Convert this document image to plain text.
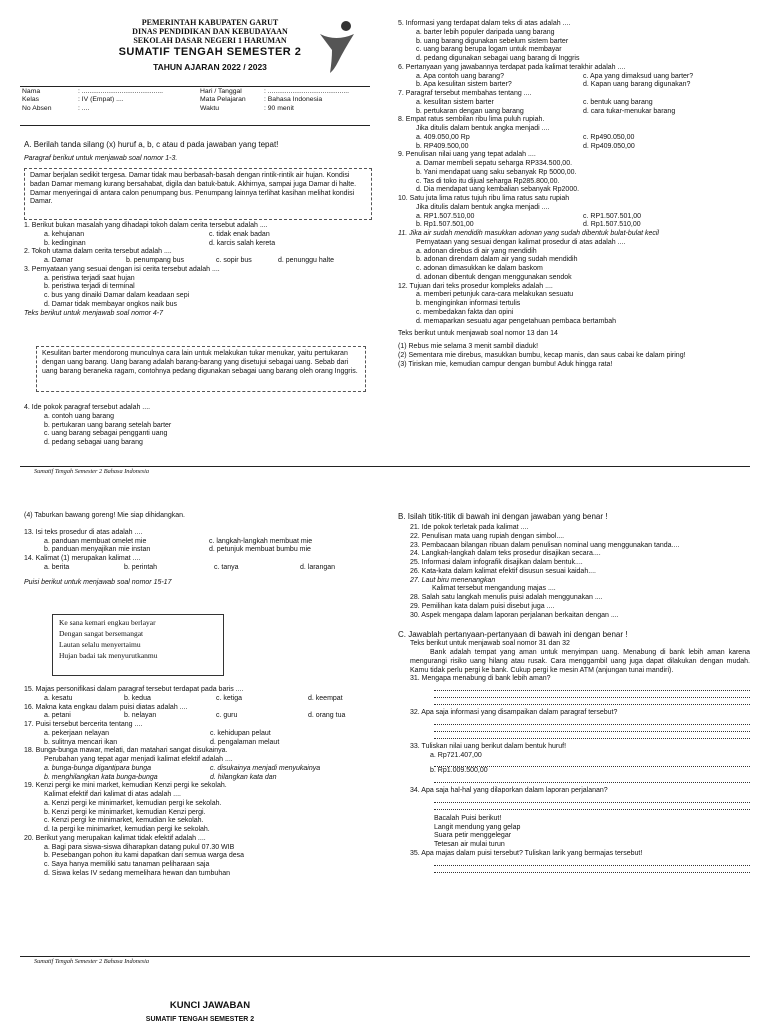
PEMERINTAH KABUPATEN GARUT
DINAS PENDIDIKAN DAN KEBUDAYAAN
SEKOLAH DASAR NEGERI 1 HARUMAN
SUMATIF TENGAH SEMESTER 2
TAHUN AJARAN 2022 / 2023
Nama	: ...........................................	Hari / Tanggal	: ...........................................
Kelas	: IV (Empat) ....	Mata Pelajaran	: Bahasa Indonesia
No Absen	: ....	Waktu	: 90 menit
A. Berilah tanda silang (x) huruf a, b, c atau d pada jawaban yang tepat!
Paragraf berikut untuk menjawab soal nomor 1-3.
Damar berjalan sedikit tergesa. Damar tidak mau berbasah-basah dengan rintik-rintik air hujan. Kondisi badan Damar memang kurang bersahabat, digila dan batuk-batuk. Akhirnya, sampai juga Damar di halte. Damar menyeringai di antara calon penumpang bus. Penumpang lainnya terlihat kasihan melihat kondisi Damar.
1. Berikut bukan masalah yang dihadapi tokoh dalam cerita tersebut adalah ....
a. kehujanan
b. kedinginan
c. tidak enak badan
d. karcis salah kereta
2. Tokoh utama dalam cerita tersebut adalah ....
a. Damar	b. penumpang bus	c. sopir bus	d. penunggu halte
3. Pernyataan yang sesuai dengan isi cerita tersebut adalah ....
a. peristiwa terjadi saat hujan
b. peristiwa terjadi di terminal
c. bus yang dinaiki Damar dalam keadaan sepi
d. Damar tidak membayar ongkos naik bus
Teks berikut untuk menjawab soal nomor 4-7
Kesulitan barter mendorong munculnya cara lain untuk melakukan tukar menukar, yaitu pertukaran dengan uang barang. Uang barang adalah barang-barang yang disetujui sebagai uang. Sebab dari uang barang beraneka ragam, contohnya pedang digunakan sebagai uang barang oleh orang Inggris.
4. Ide pokok paragraf tersebut adalah ....
a. contoh uang barang
b. pertukaran uang barang setelah barter
c. uang barang sebagai pengganti uang
d. pedang sebagai uang barang
5. Informasi yang terdapat dalam teks di atas adalah ....
a. barter lebih populer daripada uang barang
b. uang barang digunakan sebelum sistem barter
c. uang barang berupa logam untuk membayar
d. pedang digunakan sebagai uang barang di Inggris
6. Pertanyaan yang jawabannya terdapat pada kalimat terakhir adalah ....
a. Apa contoh uang barang?
b. Apa kesulitan sistem barter?
c. Apa yang dimaksud uang barter?
d. Kapan uang barang digunakan?
7. Paragraf tersebut membahas tentang ....
a. kesulitan sistem barter
b. pertukaran dengan uang barang
c. bentuk uang barang
d. cara tukar-menukar barang
8. Empat ratus sembilan ribu lima puluh rupiah.
Jika ditulis dalam bentuk angka menjadi ....
a. 409.050,00 Rp
b. RP409.500,00
c. Rp490.050,00
d. Rp409.050,00
9. Penulisan nilai uang yang tepat adalah ....
a. Damar membeli sepatu seharga RP334.500,00.
b. Yani mendapat uang saku sebanyak Rp 5000,00.
c. Tas di toko itu dijual seharga Rp285.800,00.
d. Dia mendapat uang kembalian sebanyak Rp2000.
10. Satu juta lima ratus tujuh ribu lima ratus satu rupiah
Jika ditulis dalam bentuk angka menjadi ....
a. RP1.507.510,00
b. Rp1.507.501,00
c. RP1.507.501,00
d. Rp1.507.510,00
11. Jika air sudah mendidih masukkan adonan yang sudah dibentuk bulat-bulat kecil
Pernyataan yang sesuai dengan kalimat prosedur di atas adalah ....
a. adonan direbus di air yang mendidih
b. adonan direndam dalam air yang sudah mendidih
c. adonan dimasukkan ke dalam baskom
d. adonan dibentuk dengan menggunakan sendok
12. Tujuan dari teks prosedur kompleks adalah ....
a. memberi petunjuk cara-cara melakukan sesuatu
b. menginginkan informasi tertulis
c. membedakan fakta dan opini
d. memaparkan sesuatu agar pengetahuan pembaca bertambah
Teks berikut untuk menjawab soal nomor 13 dan 14
(1) Rebus mie selama 3 menit sambil diaduk!
(2) Sementara mie direbus, masukkan bumbu, kecap manis, dan saus cabai ke dalam piring!
(3) Tiriskan mie, kemudian campur dengan bumbu! Aduk hingga rata!
Sumatif Tengah Semester 2 Bahasa Indonesia
(4) Taburkan bawang goreng! Mie siap dihidangkan.
13. Isi teks prosedur di atas adalah ....
a. panduan membuat omelet mie
b. panduan menyajikan mie instan
c. langkah-langkah membuat mie
d. petunjuk membuat bumbu mie
14. Kalimat (1) merupakan kalimat ....
a. berita	b. perintah	c. tanya	d. larangan
Puisi berikut untuk menjawab soal nomor 15-17
Ke sana kemari engkau berlayar
Dengan sangat bersemangat
Lautan selalu menyertaimu
Hujan badai tak menyurutkanmu
15. Majas personifikasi dalam paragraf tersebut terdapat pada baris ....
a. kesatu	b. kedua	c. ketiga	d. keempat
16. Makna kata engkau dalam puisi diatas adalah ....
a. petani	b. nelayan	c. guru	d. orang tua
17. Puisi tersebut bercerita tentang ....
a. pekerjaan nelayan
b. sulitnya mencari ikan
c. kehidupan pelaut
d. pengalaman melaut
18. Bunga-bunga mawar, melati, dan matahari sangat disukainya.
Perubahan yang tepat agar menjadi kalimat efektif adalah ....
a. bunga-bunga digantipara bunga
b. menghilangkan kata bunga-bunga
c. disukainya menjadi menyukainya
d. hilangkan kata dan
19. Kenzi pergi ke mini market, kemudian Kenzi pergi ke sekolah.
Kalimat efektif dari kalimat di atas adalah ....
a. Kenzi pergi ke minimarket, kemudian pergi ke sekolah.
b. Kenzi pergi ke minimarket, kemudian Kenzi pergi.
c. Kenzi pergi ke minimarket, kemudian ke sekolah.
d. Ia pergi ke minimarket, kemudian pergi ke sekolah.
20. Berikut yang merupakan kalimat tidak efektif adalah ....
a. Bagi para siswa-siswa diharapkan datang pukul 07.30 WIB
b. Pesebangan pohon itu kami dapatkan dari semua warga desa
c. Saya hanya memiliki satu tanaman peliharaan saja
d. Siswa kelas IV sedang memelihara hewan dan tumbuhan
B. Isilah titik-titik di bawah ini dengan jawaban yang benar !
21. Ide pokok terletak pada kalimat ....
22. Penulisan mata uang rupiah dengan simbol....
23. Pembacaan bilangan ribuan dalam penulisan nominal uang menggunakan tanda....
24. Langkah-langkah dalam teks prosedur disajikan secara....
25. Informasi dalam infografik disajikan dalam bentuk....
26. Kata-kata dalam kalimat efektif disusun sesuai kaidah....
27. Laut biru menenangkan
Kalimat tersebut mengandung majas ....
28. Salah satu langkah menulis puisi adalah menggunakan ....
29. Pemilihan kata dalam puisi disebut juga ....
30. Aspek mengapa dalam laporan perjalanan berkaitan dengan ....
C. Jawablah pertanyaan-pertanyaan di bawah ini dengan benar !
Teks berikut untuk menjawab soal nomor 31 dan 32
Bank adalah tempat yang aman untuk menyimpan uang. Menabung di bank lebih aman karena mengurangi risiko uang hilang atau rusak. Cara menggambil uang juga dapat dilakukan dengan mudah. Kamu tidak perlu pergi ke bank. Cukup pergi ke mesin ATM (anjungan tunai mandiri).
31. Mengapa menabung di bank lebih aman?
32. Apa saja informasi yang disampaikan dalam paragraf tersebut?
33. Tuliskan nilai uang berikut dalam bentuk huruf!
a. Rp721.407,00
b. Rp1.009.500,00
34. Apa saja hal-hal yang dilaporkan dalam laporan perjalanan?
Bacalah Puisi berikut!
Langit mendung yang gelap
Suara petir menggelegar
Tetesan air mulai turun
35. Apa majas dalam puisi tersebut? Tuliskan larik yang bermajas tersebut!
Sumatif Tengah Semester 2 Bahasa Indonesia
KUNCI JAWABAN
SUMATIF TENGAH SEMESTER 2
